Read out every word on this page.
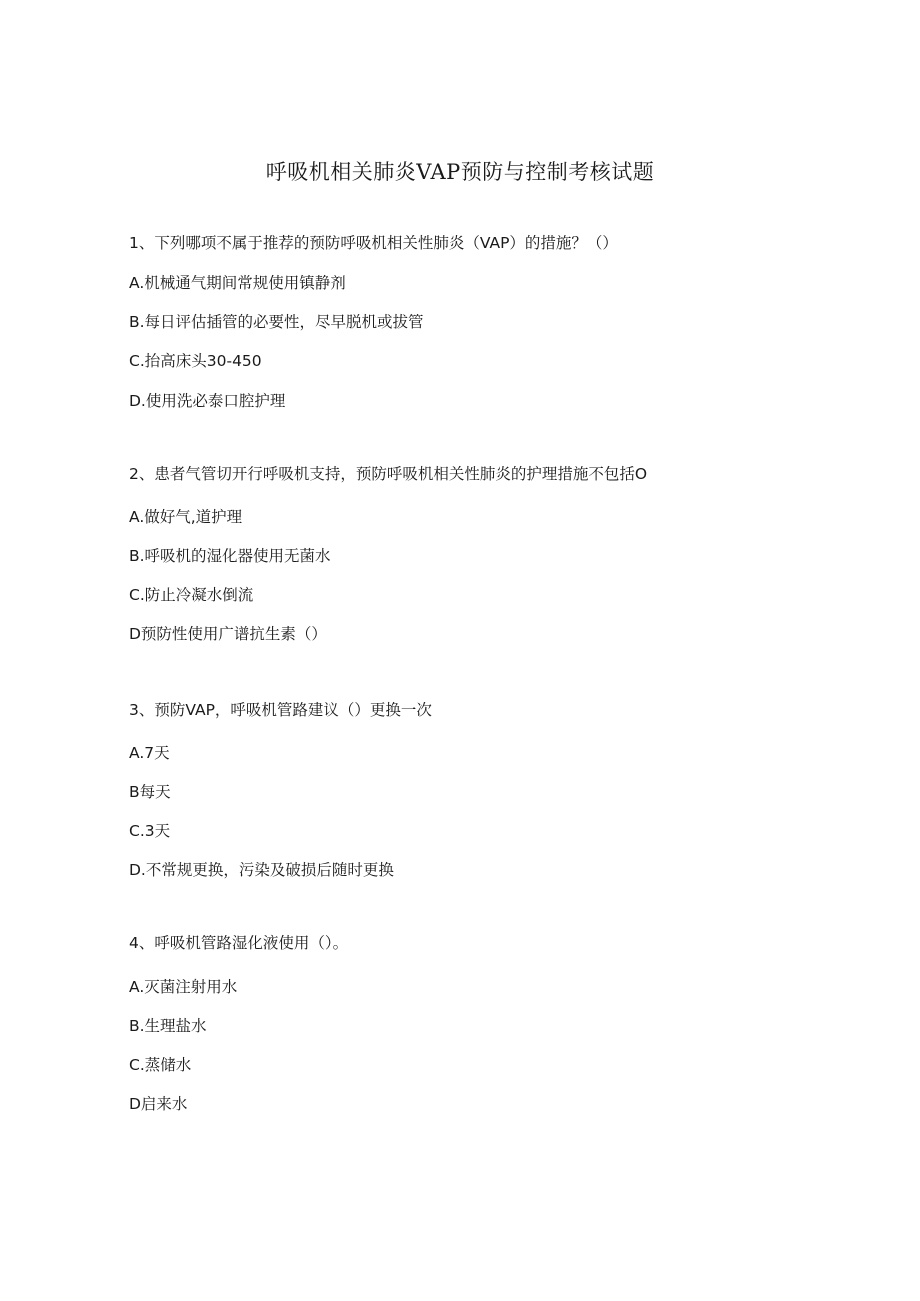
呼吸机相关肺炎VAP预防与控制考核试题
1、下列哪项不属于推荐的预防呼吸机相关性肺炎（VAP）的措施？（）
A.机械通气期间常规使用镇静剂
B.每日评估插管的必要性，尽早脱机或拔管
C.抬高床头30-450
D.使用洗必泰口腔护理
2、患者气管切开行呼吸机支持，预防呼吸机相关性肺炎的护理措施不包括O
A.做好气,道护理
B.呼吸机的湿化器使用无菌水
C.防止冷凝水倒流
D预防性使用广谱抗生素（）
3、预防VAP，呼吸机管路建议（）更换一次
A.7天
B每天
C.3天
D.不常规更换，污染及破损后随时更换
4、呼吸机管路湿化液使用（）。
A.灭菌注射用水
B.生理盐水
C.蒸储水
D启来水
